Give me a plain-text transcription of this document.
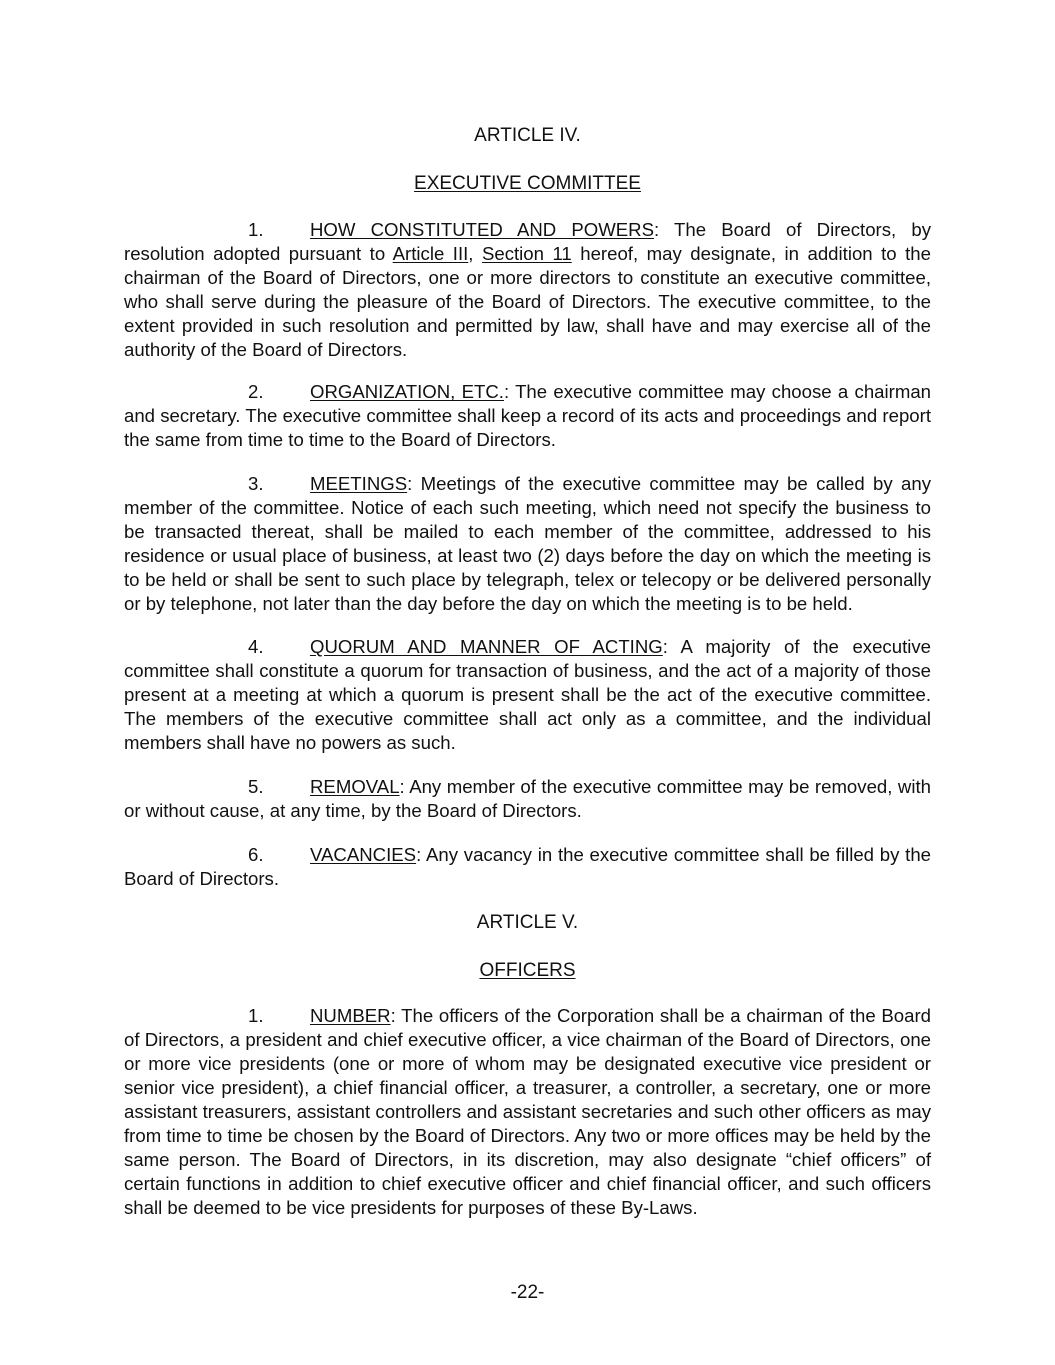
ARTICLE IV.
EXECUTIVE COMMITTEE

1. HOW CONSTITUTED AND POWERS: The Board of Directors, by resolution adopted pursuant to Article III, Section 11 hereof, may designate, in addition to the chairman of the Board of Directors, one or more directors to constitute an executive committee, who shall serve during the pleasure of the Board of Directors. The executive committee, to the extent provided in such resolution and permitted by law, shall have and may exercise all of the authority of the Board of Directors.

2. ORGANIZATION, ETC.: The executive committee may choose a chairman and secretary. The executive committee shall keep a record of its acts and proceedings and report the same from time to time to the Board of Directors.

3. MEETINGS: Meetings of the executive committee may be called by any member of the committee. Notice of each such meeting, which need not specify the business to be transacted thereat, shall be mailed to each member of the committee, addressed to his residence or usual place of business, at least two (2) days before the day on which the meeting is to be held or shall be sent to such place by telegraph, telex or telecopy or be delivered personally or by telephone, not later than the day before the day on which the meeting is to be held.

4. QUORUM AND MANNER OF ACTING: A majority of the executive committee shall constitute a quorum for transaction of business, and the act of a majority of those present at a meeting at which a quorum is present shall be the act of the executive committee. The members of the executive committee shall act only as a committee, and the individual members shall have no powers as such.

5. REMOVAL: Any member of the executive committee may be removed, with or without cause, at any time, by the Board of Directors.

6. VACANCIES: Any vacancy in the executive committee shall be filled by the Board of Directors.

ARTICLE V.
OFFICERS

1. NUMBER: The officers of the Corporation shall be a chairman of the Board of Directors, a president and chief executive officer, a vice chairman of the Board of Directors, one or more vice presidents (one or more of whom may be designated executive vice president or senior vice president), a chief financial officer, a treasurer, a controller, a secretary, one or more assistant treasurers, assistant controllers and assistant secretaries and such other officers as may from time to time be chosen by the Board of Directors. Any two or more offices may be held by the same person. The Board of Directors, in its discretion, may also designate “chief officers” of certain functions in addition to chief executive officer and chief financial officer, and such officers shall be deemed to be vice presidents for purposes of these By-Laws.

-22-
